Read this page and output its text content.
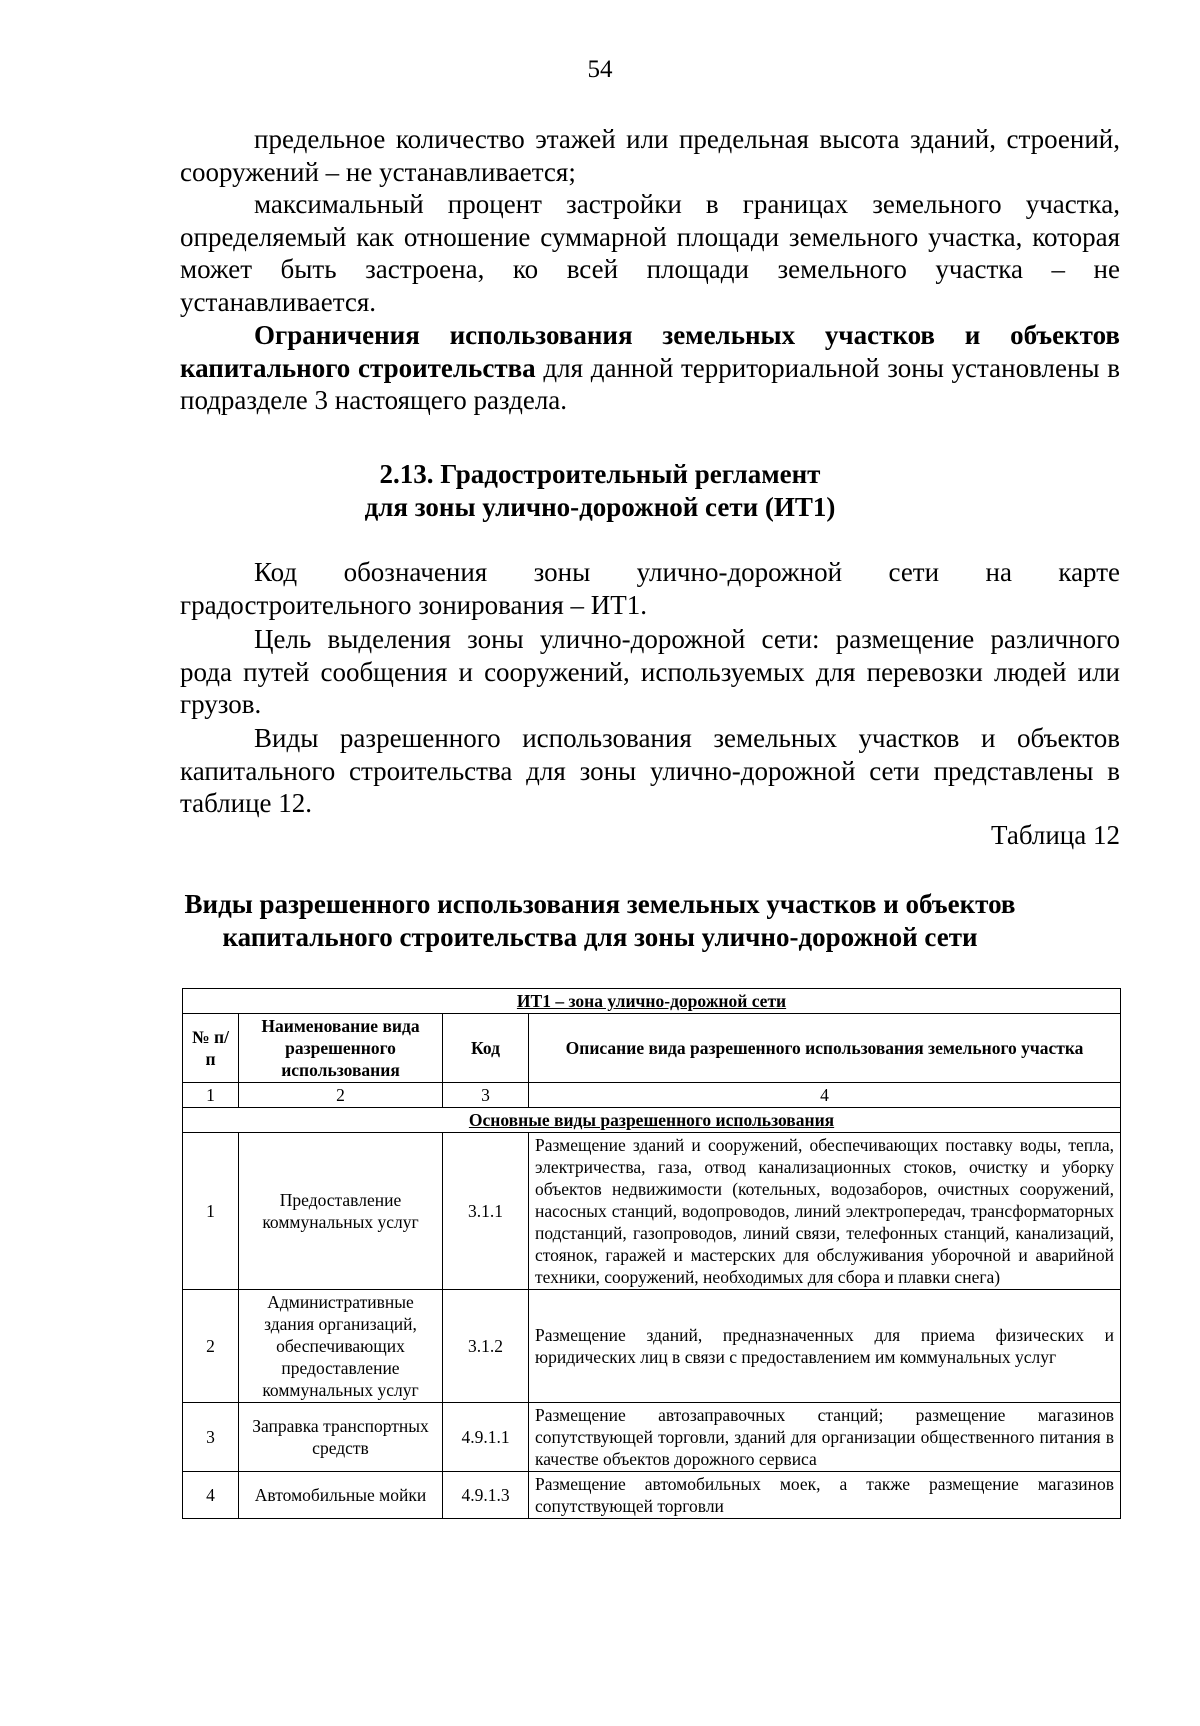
54

предельное количество этажей или предельная высота зданий, строений, сооружений – не устанавливается;

максимальный процент застройки в границах земельного участка, определяемый как отношение суммарной площади земельного участка, которая может быть застроена, ко всей площади земельного участка – не устанавливается.

Ограничения использования земельных участков и объектов капитального строительства для данной территориальной зоны установлены в подразделе 3 настоящего раздела.

2.13. Градостроительный регламент
для зоны улично-дорожной сети (ИТ1)

Код обозначения зоны улично-дорожной сети на карте градостроительного зонирования – ИТ1.

Цель выделения зоны улично-дорожной сети: размещение различного рода путей сообщения и сооружений, используемых для перевозки людей или грузов.

Виды разрешенного использования земельных участков и объектов капитального строительства для зоны улично-дорожной сети представлены в таблице 12.

Таблица 12
Виды разрешенного использования земельных участков и объектов
капитального строительства для зоны улично-дорожной сети
ИТ1 – зона улично-дорожной сети			
№ п/п	Наименование вида разрешенного использования	Код	Описание вида разрешенного использования земельного участка
1	2	3	4
Основные виды разрешенного использования			
1	Предоставление коммунальных услуг	3.1.1	Размещение зданий и сооружений, обеспечивающих поставку воды, тепла, электричества, газа, отвод канализационных стоков, очистку и уборку объектов недвижимости (котельных, водозаборов, очистных сооружений, насосных станций, водопроводов, линий электропередач, трансформаторных подстанций, газопроводов, линий связи, телефонных станций, канализаций, стоянок, гаражей и мастерских для обслуживания уборочной и аварийной техники, сооружений, необходимых для сбора и плавки снега)
2	Административные здания организаций, обеспечивающих предоставление коммунальных услуг	3.1.2	Размещение зданий, предназначенных для приема физических и юридических лиц в связи с предоставлением им коммунальных услуг
3	Заправка транспортных средств	4.9.1.1	Размещение автозаправочных станций; размещение магазинов сопутствующей торговли, зданий для организации общественного питания в качестве объектов дорожного сервиса
4	Автомобильные мойки	4.9.1.3	Размещение автомобильных моек, а также размещение магазинов сопутствующей торговли
